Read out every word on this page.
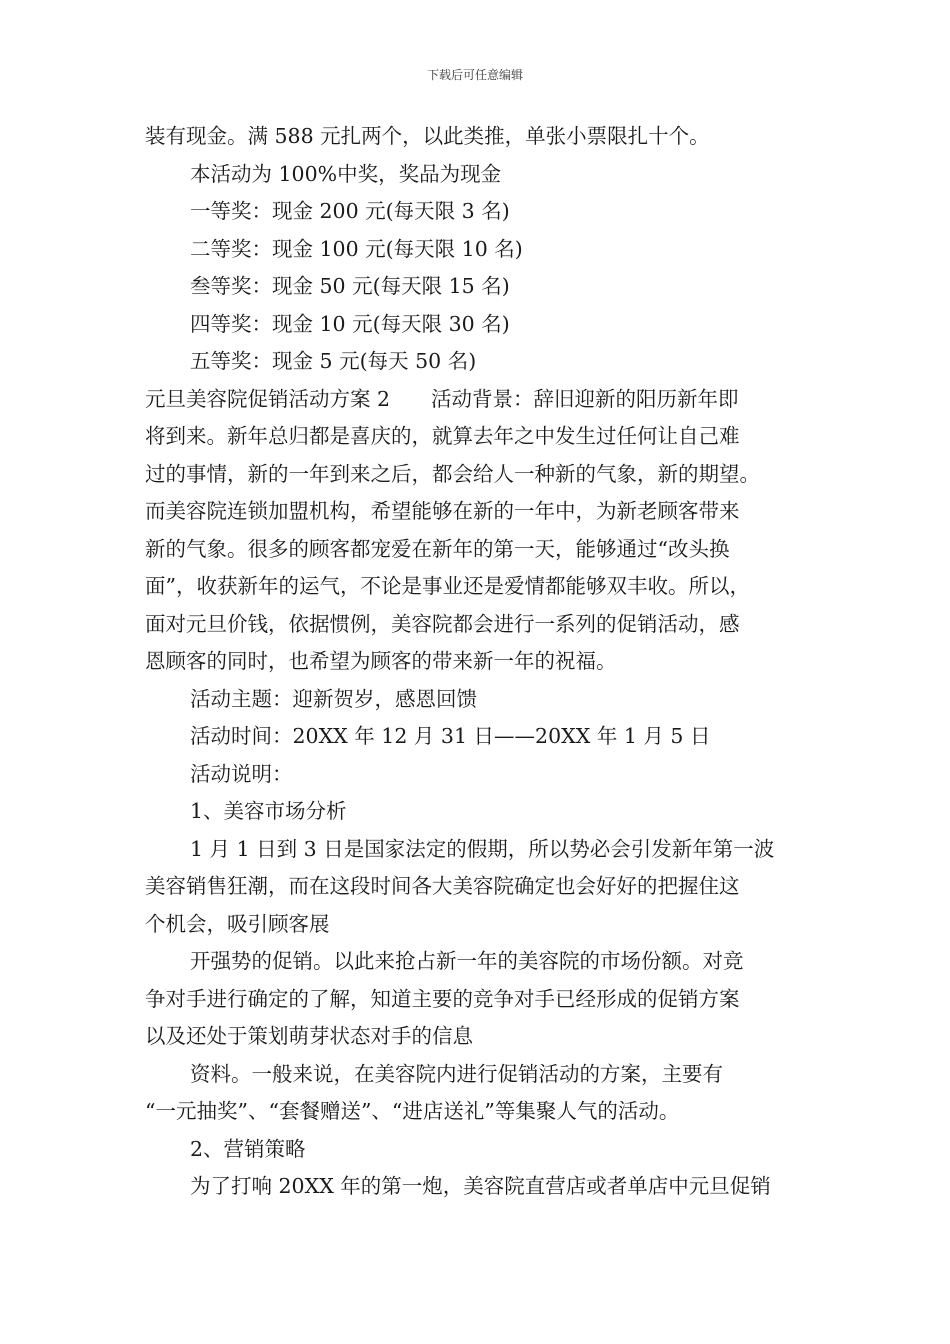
下载后可任意编辑
装有现金。满 588 元扎两个，以此类推，单张小票限扎十个。
本活动为 100%中奖，奖品为现金
一等奖：现金 200 元(每天限 3 名)
二等奖：现金 100 元(每天限 10 名)
叁等奖：现金 50 元(每天限 15 名)
四等奖：现金 10 元(每天限 30 名)
五等奖：现金 5 元(每天 50 名)
元旦美容院促销活动方案 2　　活动背景：辞旧迎新的阳历新年即
将到来。新年总归都是喜庆的，就算去年之中发生过任何让自己难
过的事情，新的一年到来之后，都会给人一种新的气象，新的期望。
而美容院连锁加盟机构，希望能够在新的一年中，为新老顾客带来
新的气象。很多的顾客都宠爱在新年的第一天，能够通过“改头换
面”，收获新年的运气，不论是事业还是爱情都能够双丰收。所以，
面对元旦价钱，依据惯例，美容院都会进行一系列的促销活动，感
恩顾客的同时，也希望为顾客的带来新一年的祝福。
活动主题：迎新贺岁，感恩回馈
活动时间：20XX 年 12 月 31 日——20XX 年 1 月 5 日
活动说明：
1、美容市场分析
1 月 1 日到 3 日是国家法定的假期，所以势必会引发新年第一波
美容销售狂潮，而在这段时间各大美容院确定也会好好的把握住这
个机会，吸引顾客展
开强势的促销。以此来抢占新一年的美容院的市场份额。对竞
争对手进行确定的了解，知道主要的竞争对手已经形成的促销方案
以及还处于策划萌芽状态对手的信息
资料。一般来说，在美容院内进行促销活动的方案，主要有
“一元抽奖”、“套餐赠送”、“进店送礼”等集聚人气的活动。
2、营销策略
为了打响 20XX 年的第一炮，美容院直营店或者单店中元旦促销
